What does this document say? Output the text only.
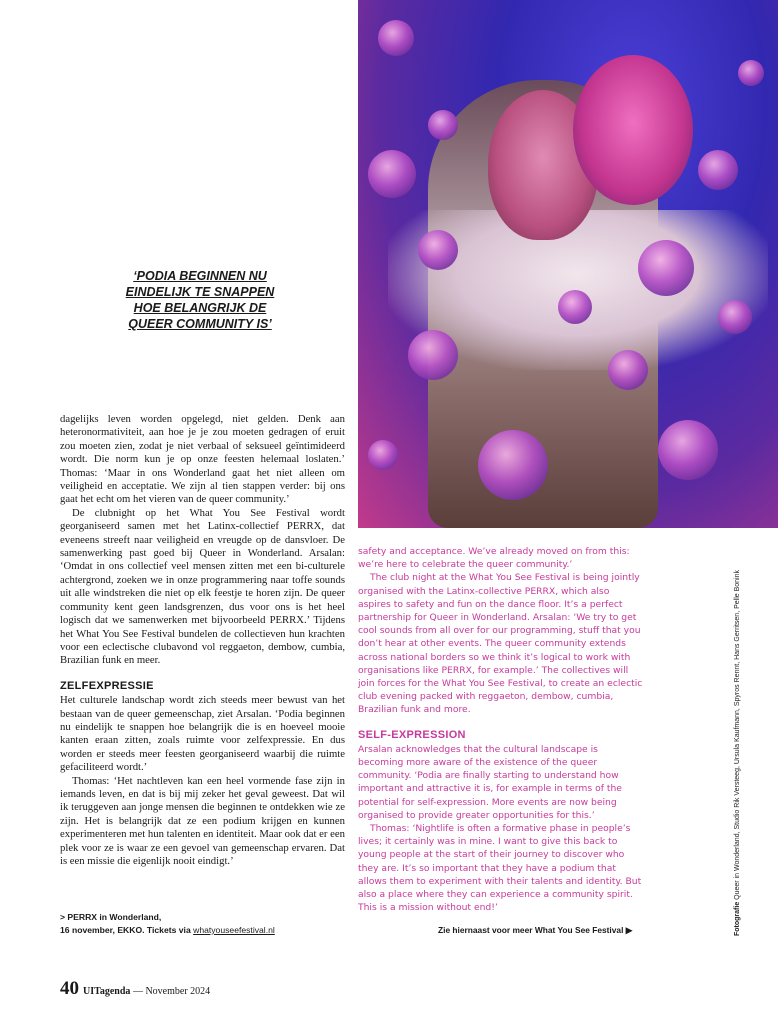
Fotografie Queer in Wonderland, Studio Rik Versteeg, Ursula Kaufmann, Spyros Rennt, Hans Gerritsen, Pelle Bonink
‘PODIA BEGINNEN NU EINDELIJK TE SNAPPEN HOE BELANGRIJK DE QUEER COMMUNITY IS’

dagelijks leven worden opgelegd, niet gelden. Denk aan heteronormativiteit, aan hoe je je zou moeten gedragen of eruit zou moeten zien, zodat je niet verbaal of seksueel geïntimideerd wordt. Die norm kun je op onze feesten helemaal loslaten.’ Thomas: ‘Maar in ons Wonderland gaat het niet alleen om veiligheid en acceptatie. We zijn al tien stappen verder: bij ons gaat het echt om het vieren van de queer community.’

De clubnight op het What You See Festival wordt georganiseerd samen met het Latinx-collectief PERRX, dat eveneens streeft naar veiligheid en vreugde op de dansvloer. De samenwerking past goed bij Queer in Wonderland. Arsalan: ‘Omdat in ons collectief veel mensen zitten met een bi-culturele achtergrond, zoeken we in onze programmering naar toffe sounds uit alle windstreken die niet op elk feestje te horen zijn. De queer community kent geen landsgrenzen, dus voor ons is het heel logisch dat we samenwerken met bijvoorbeeld PERRX.’ Tijdens het What You See Festival bundelen de collectieven hun krachten voor een eclectische clubavond vol reggaeton, dembow, cumbia, Brazilian funk en meer.

ZELFEXPRESSIE

Het culturele landschap wordt zich steeds meer bewust van het bestaan van de queer gemeenschap, ziet Arsalan. ‘Podia beginnen nu eindelijk te snappen hoe belangrijk die is en hoeveel mooie kanten eraan zitten, zoals ruimte voor zelfexpressie. En dus worden er steeds meer feesten georganiseerd waarbij die ruimte gefaciliteerd wordt.’

Thomas: ‘Het nachtleven kan een heel vormende fase zijn in iemands leven, en dat is bij mij zeker het geval geweest. Dat wil ik teruggeven aan jonge mensen die beginnen te ontdekken wie ze zijn. Het is belangrijk dat ze een podium krijgen en kunnen experimenteren met hun talenten en identiteit. Maar ook dat er een plek voor ze is waar ze een gevoel van gemeenschap ervaren. Dat is een missie die eigenlijk nooit eindigt.’

safety and acceptance. We’ve already moved on from this: we’re here to celebrate the queer community.’

The club night at the What You See Festival is being jointly organised with the Latinx-collective PERRX, which also aspires to safety and fun on the dance floor. It’s a perfect partnership for Queer in Wonderland. Arsalan: ‘We try to get cool sounds from all over for our programming, stuff that you don’t hear at other events. The queer community extends across national borders so we think it’s logical to work with organisations like PERRX, for example.’ The collectives will join forces for the What You See Festival, to create an eclectic club evening packed with reggaeton, dembow, cumbia, Brazilian funk and more.

SELF-EXPRESSION

Arsalan acknowledges that the cultural landscape is becoming more aware of the existence of the queer community. ‘Podia are finally starting to understand how important and attractive it is, for example in terms of the potential for self-expression. More events are now being organised to provide greater opportunities for this.’

Thomas: ‘Nightlife is often a formative phase in people’s lives; it certainly was in mine. I want to give this back to young people at the start of their journey to discover who they are. It’s so important that they have a podium that allows them to experiment with their talents and identity. But also a place where they can experience a community spirit. This is a mission without end!’

> PERRX in Wonderland,
16 november, EKKO. Tickets via whatyouseefestival.nl	Zie hiernaast voor meer What You See Festival ▶
40 UITagenda — November 2024
